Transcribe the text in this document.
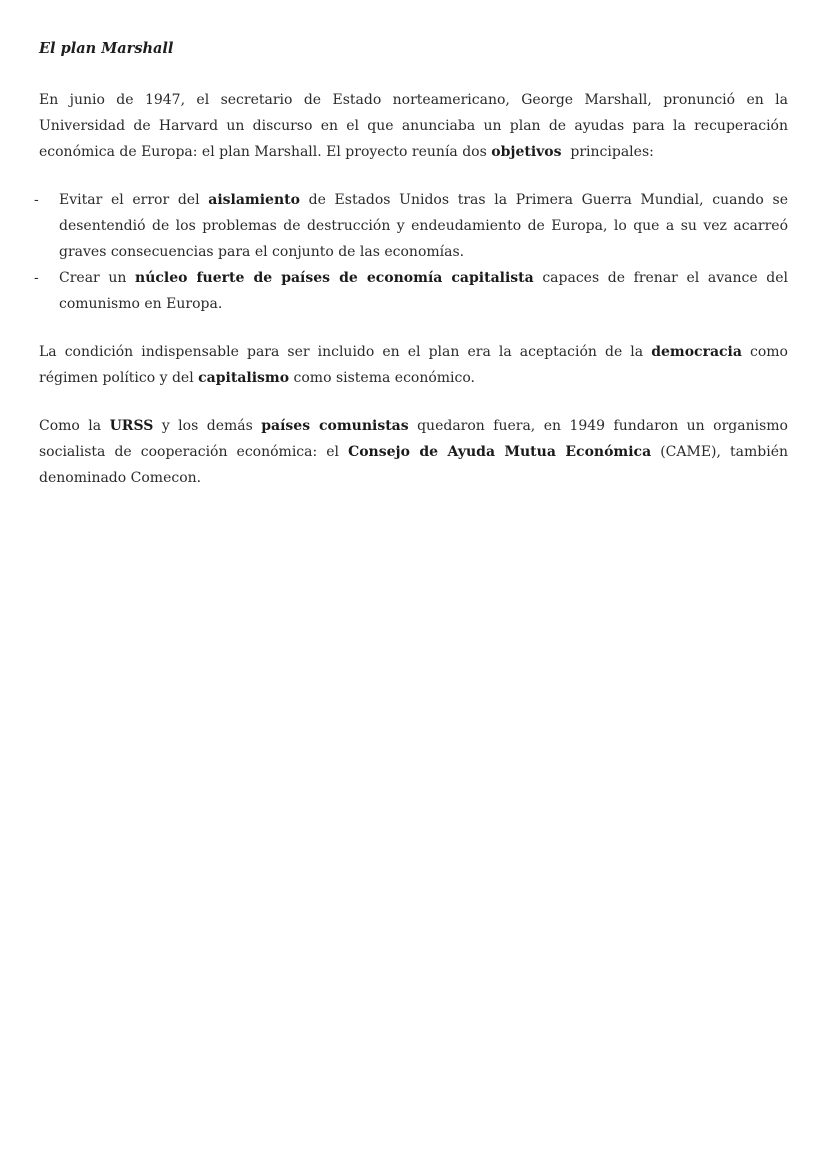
El plan Marshall

En junio de 1947, el secretario de Estado norteamericano, George Marshall, pronunció en la Universidad de Harvard un discurso en el que anunciaba un plan de ayudas para la recuperación económica de Europa: el plan Marshall. El proyecto reunía dos objetivos  principales:

- Evitar el error del aislamiento de Estados Unidos tras la Primera Guerra Mundial, cuando se desentendió de los problemas de destrucción y endeudamiento de Europa, lo que a su vez acarreó graves consecuencias para el conjunto de las economías.
- Crear un núcleo fuerte de países de economía capitalista capaces de frenar el avance del comunismo en Europa.

La condición indispensable para ser incluido en el plan era la aceptación de la democracia como régimen político y del capitalismo como sistema económico.

Como la URSS y los demás países comunistas quedaron fuera, en 1949 fundaron un organismo socialista de cooperación económica: el Consejo de Ayuda Mutua Económica (CAME), también denominado Comecon.
